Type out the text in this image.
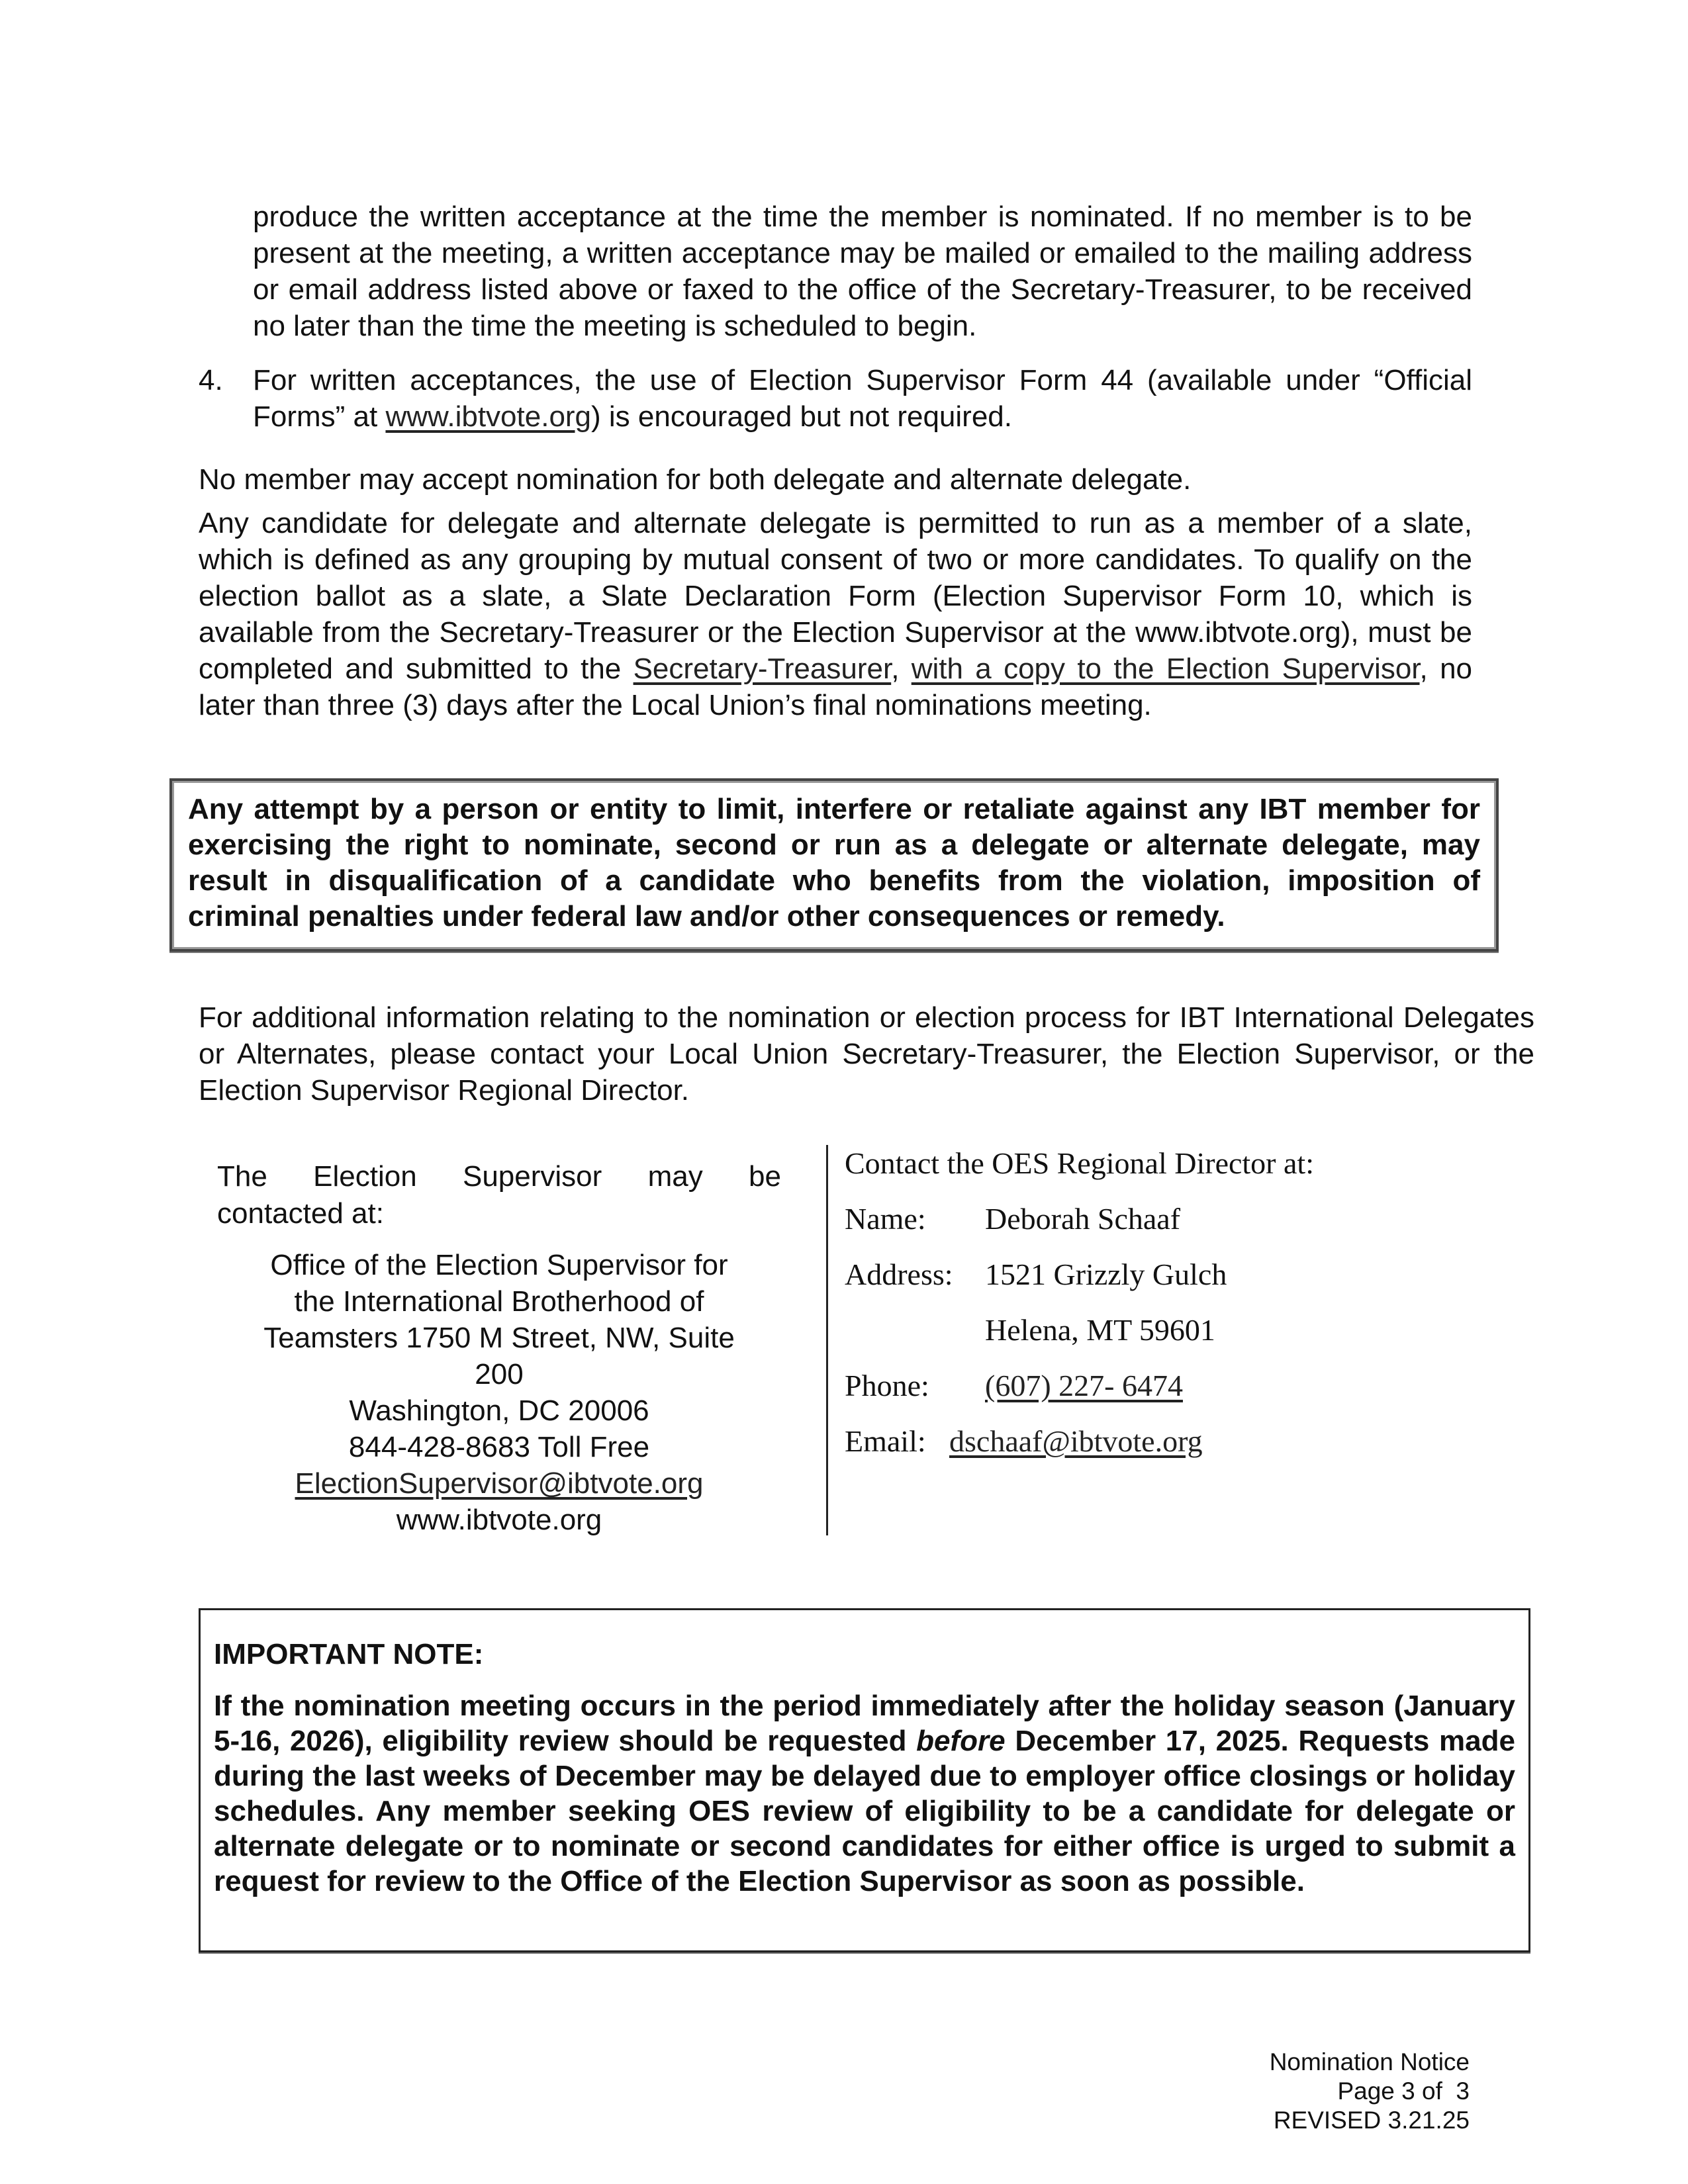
produce the written acceptance at the time the member is nominated. If no member is to be present at the meeting, a written acceptance may be mailed or emailed to the mailing address or email address listed above or faxed to the office of the Secretary-Treasurer, to be received no later than the time the meeting is scheduled to begin.

4. For written acceptances, the use of Election Supervisor Form 44 (available under “Official Forms” at www.ibtvote.org) is encouraged but not required.

No member may accept nomination for both delegate and alternate delegate.

Any candidate for delegate and alternate delegate is permitted to run as a member of a slate, which is defined as any grouping by mutual consent of two or more candidates. To qualify on the election ballot as a slate, a Slate Declaration Form (Election Supervisor Form 10, which is available from the Secretary-Treasurer or the Election Supervisor at the www.ibtvote.org), must be completed and submitted to the Secretary-Treasurer, with a copy to the Election Supervisor, no later than three (3) days after the Local Union’s final nominations meeting.

Any attempt by a person or entity to limit, interfere or retaliate against any IBT member for exercising the right to nominate, second or run as a delegate or alternate delegate, may result in disqualification of a candidate who benefits from the violation, imposition of criminal penalties under federal law and/or other consequences or remedy.

For additional information relating to the nomination or election process for IBT International Delegates or Alternates, please contact your Local Union Secretary-Treasurer, the Election Supervisor, or the Election Supervisor Regional Director.

The Election Supervisor may be

contacted at:

Office of the Election Supervisor for

the International Brotherhood of

Teamsters 1750 M Street, NW, Suite

200

Washington, DC 20006

844-428-8683 Toll Free

ElectionSupervisor@ibtvote.org

www.ibtvote.org

Contact the OES Regional Director at:
Name: Deborah Schaaf
Address: 1521 Grizzly Gulch
Helena, MT 59601
Phone: (607) 227- 6474
Email: dschaaf@ibtvote.org
IMPORTANT NOTE:

If the nomination meeting occurs in the period immediately after the holiday season (January 5-16, 2026), eligibility review should be requested before December 17, 2025. Requests made during the last weeks of December may be delayed due to employer office closings or holiday schedules. Any member seeking OES review of eligibility to be a candidate for delegate or alternate delegate or to nominate or second candidates for either office is urged to submit a request for review to the Office of the Election Supervisor as soon as possible.

Nomination Notice
Page 3 of  3
REVISED 3.21.25
